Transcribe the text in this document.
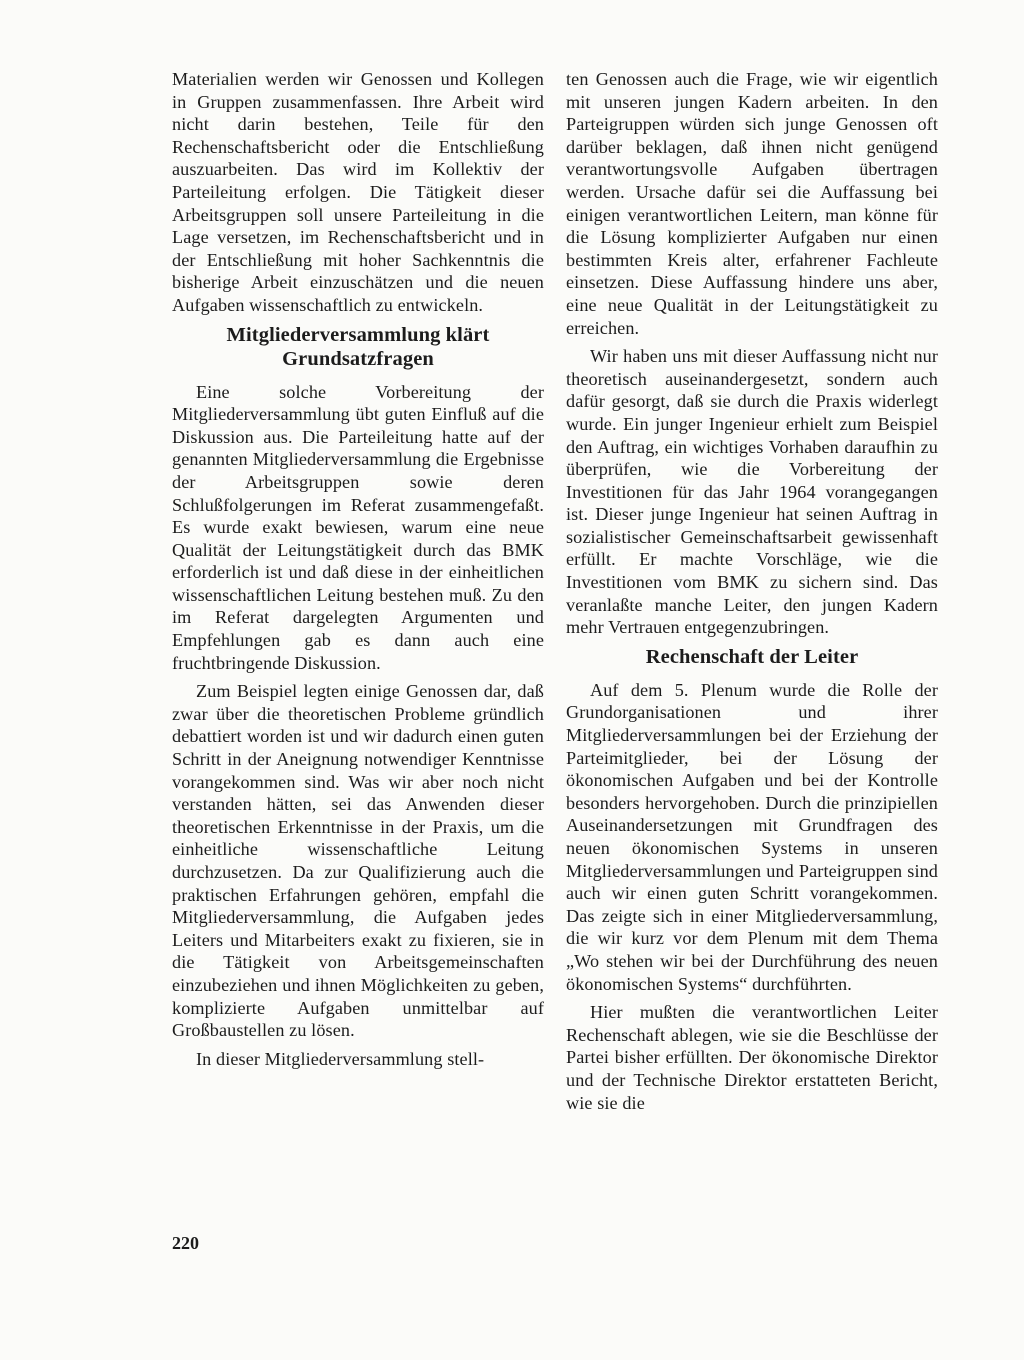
Materialien werden wir Genossen und Kollegen in Gruppen zusammenfassen. Ihre Arbeit wird nicht darin bestehen, Teile für den Rechenschaftsbericht oder die Entschließung auszuarbeiten. Das wird im Kollektiv der Parteileitung erfolgen. Die Tätigkeit dieser Arbeitsgruppen soll unsere Parteileitung in die Lage versetzen, im Rechenschaftsbericht und in der Entschließung mit hoher Sachkenntnis die bisherige Arbeit einzuschätzen und die neuen Aufgaben wissenschaftlich zu entwickeln.

Mitgliederversammlung klärt Grundsatzfragen

Eine solche Vorbereitung der Mitgliederversammlung übt guten Einfluß auf die Diskussion aus. Die Parteileitung hatte auf der genannten Mitgliederversammlung die Ergebnisse der Arbeitsgruppen sowie deren Schlußfolgerungen im Referat zusammengefaßt. Es wurde exakt bewiesen, warum eine neue Qualität der Leitungstätigkeit durch das BMK erforderlich ist und daß diese in der einheitlichen wissenschaftlichen Leitung bestehen muß. Zu den im Referat dargelegten Argumenten und Empfehlungen gab es dann auch eine fruchtbringende Diskussion.

Zum Beispiel legten einige Genossen dar, daß zwar über die theoretischen Probleme gründlich debattiert worden ist und wir dadurch einen guten Schritt in der Aneignung notwendiger Kenntnisse vorangekommen sind. Was wir aber noch nicht verstanden hätten, sei das Anwenden dieser theoretischen Erkenntnisse in der Praxis, um die einheitliche wissenschaftliche Leitung durchzusetzen. Da zur Qualifizierung auch die praktischen Erfahrungen gehören, empfahl die Mitgliederversammlung, die Aufgaben jedes Leiters und Mitarbeiters exakt zu fixieren, sie in die Tätigkeit von Arbeitsgemeinschaften einzubeziehen und ihnen Möglichkeiten zu geben, komplizierte Aufgaben unmittelbar auf Großbaustellen zu lösen.

In dieser Mitgliederversammlung stell-

ten Genossen auch die Frage, wie wir eigentlich mit unseren jungen Kadern arbeiten. In den Parteigruppen würden sich junge Genossen oft darüber beklagen, daß ihnen nicht genügend verantwortungsvolle Aufgaben übertragen werden. Ursache dafür sei die Auffassung bei einigen verantwortlichen Leitern, man könne für die Lösung komplizierter Aufgaben nur einen bestimmten Kreis alter, erfahrener Fachleute einsetzen. Diese Auffassung hindere uns aber, eine neue Qualität in der Leitungstätigkeit zu erreichen.

Wir haben uns mit dieser Auffassung nicht nur theoretisch auseinandergesetzt, sondern auch dafür gesorgt, daß sie durch die Praxis widerlegt wurde. Ein junger Ingenieur erhielt zum Beispiel den Auftrag, ein wichtiges Vorhaben daraufhin zu überprüfen, wie die Vorbereitung der Investitionen für das Jahr 1964 vorangegangen ist. Dieser junge Ingenieur hat seinen Auftrag in sozialistischer Gemeinschaftsarbeit gewissenhaft erfüllt. Er machte Vorschläge, wie die Investitionen vom BMK zu sichern sind. Das veranlaßte manche Leiter, den jungen Kadern mehr Vertrauen entgegenzubringen.

Rechenschaft der Leiter

Auf dem 5. Plenum wurde die Rolle der Grundorganisationen und ihrer Mitgliederversammlungen bei der Erziehung der Parteimitglieder, bei der Lösung der ökonomischen Aufgaben und bei der Kontrolle besonders hervorgehoben. Durch die prinzipiellen Auseinandersetzungen mit Grundfragen des neuen ökonomischen Systems in unseren Mitgliederversammlungen und Parteigruppen sind auch wir einen guten Schritt vorangekommen. Das zeigte sich in einer Mitgliederversammlung, die wir kurz vor dem Plenum mit dem Thema „Wo stehen wir bei der Durchführung des neuen ökonomischen Systems“ durchführten.

Hier mußten die verantwortlichen Leiter Rechenschaft ablegen, wie sie die Beschlüsse der Partei bisher erfüllten. Der ökonomische Direktor und der Technische Direktor erstatteten Bericht, wie sie die

220
